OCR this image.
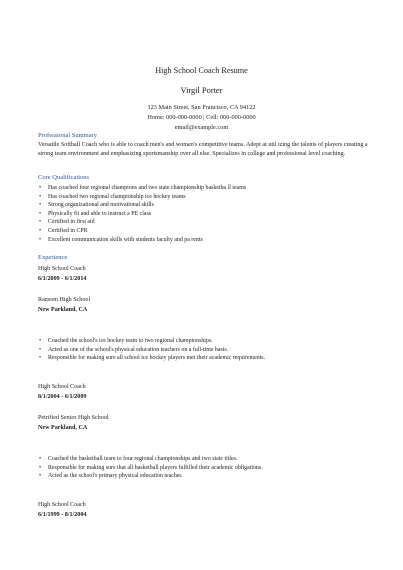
High School Coach Resume
Virgil Porter
123 Main Street, San Francisco, CA 94122
Home: 000-000-0000 | Cell: 000-000-0000
email@example.com
Professional Summary
Versatile Softball Coach who is able to coach men's and women's competitive teams. Adept at util izing the talents of players creating a strong team environment and emphasizing sportsmanship over all else. Specializes in college and professional level coaching.
Core Qualifications
• Has coached four regional champions and two state championship basketba ll teams
• Has coached two regional championship ice hockey teams
• Strong organizational and motivational skills
• Physically fit and able to instruct a PE class
• Certified in first aid
• Certified in CPR
• Excellent communication skills with students faculty and pa rents
Experience
High School Coach
6/1/2009 - 6/1/2014
Ransom High School
New Parkland, CA
• Coached the school's ice hockey team to two regional championships.
• Acted as one of the school's physical education teachers on a full-time basis.
• Responsible for making sure all school ice hockey players met their academic requirements.
High School Coach
8/1/2004 - 6/1/2009
Petrified Senior High School
New Parkland, CA
• Coached the basketball team to four regional championships and two state titles.
• Responsible for making sure that all basketball players fulfilled their academic obligations.
• Acted as the school's primary physical education teacher.
High School Coach
6/1/1999 - 8/1/2004
